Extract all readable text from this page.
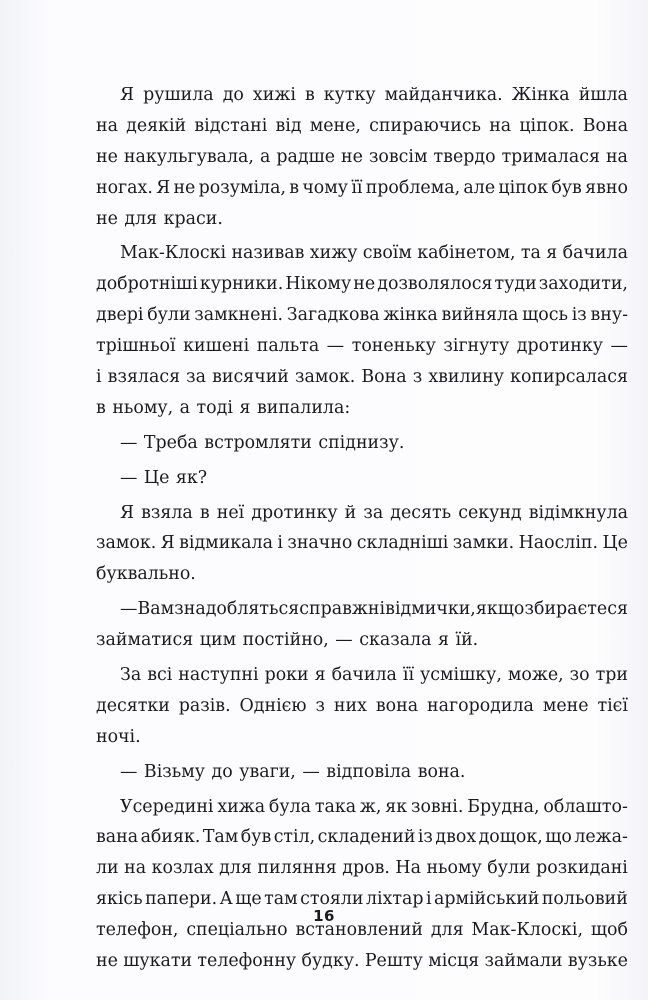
Я рушила до хижі в кутку майданчика. Жінка йшла
на деякій відстані від мене, спираючись на ціпок. Вона
не накульгувала, а радше не зовсім твердо трималася на
ногах. Я не розуміла, в чому її проблема, але ціпок був явно
не для краси.
Мак-Клоскі називав хижу своїм кабінетом, та я бачила
добротніші курники. Нікому не дозволялося туди заходити,
двері були замкнені. Загадкова жінка вийняла щось із вну-
трішньої кишені пальта — тоненьку зігнуту дротинку —
і взялася за висячий замок. Вона з хвилину копирсалася
в ньому, а тоді я випалила:
— Треба встромляти спіднизу.
— Це як?
Я взяла в неї дротинку й за десять секунд відімкнула
замок. Я відмикала і значно складніші замки. Наосліп. Це
буквально.
— Вам знадобляться справжні відмички, якщо збираєтеся
займатися цим постійно, — сказала я їй.
За всі наступні роки я бачила її усмішку, може, зо три
десятки разів. Однією з них вона нагородила мене тієї
ночі.
— Візьму до уваги, — відповіла вона.
Усередині хижа була така ж, як зовні. Брудна, облашто-
вана абияк. Там був стіл, складений із двох дощок, що лежа-
ли на козлах для пиляння дров. На ньому були розкидані
якісь папери. А ще там стояли ліхтар і армійський польовий
телефон, спеціально встановлений для Мак-Клоскі, щоб
не шукати телефонну будку. Решту місця займали вузьке
16
